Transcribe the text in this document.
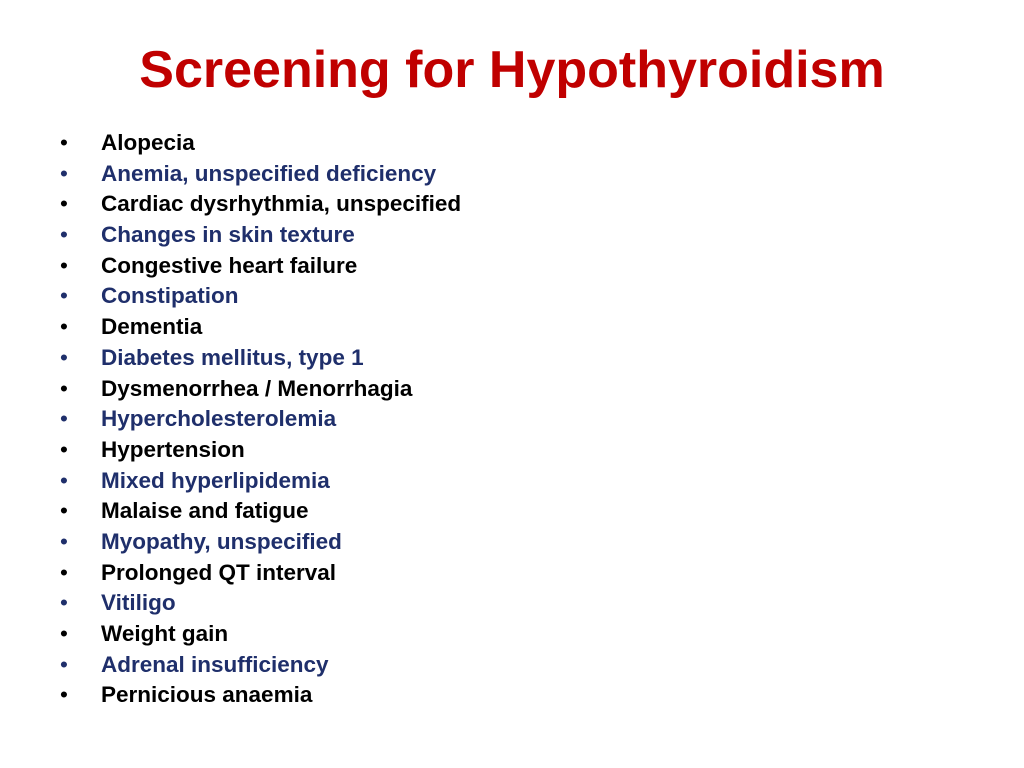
Screening for Hypothyroidism
•	Alopecia
•	Anemia, unspecified deficiency
•	Cardiac dysrhythmia, unspecified
•	Changes in skin texture
•	Congestive heart failure
•	Constipation
•	Dementia
•	Diabetes mellitus, type 1
•	Dysmenorrhea / Menorrhagia
•	Hypercholesterolemia
•	Hypertension
•	Mixed hyperlipidemia
•	Malaise and fatigue
•	Myopathy, unspecified
•	Prolonged QT interval
•	Vitiligo
•	Weight gain
•	Adrenal insufficiency
•	Pernicious anaemia
